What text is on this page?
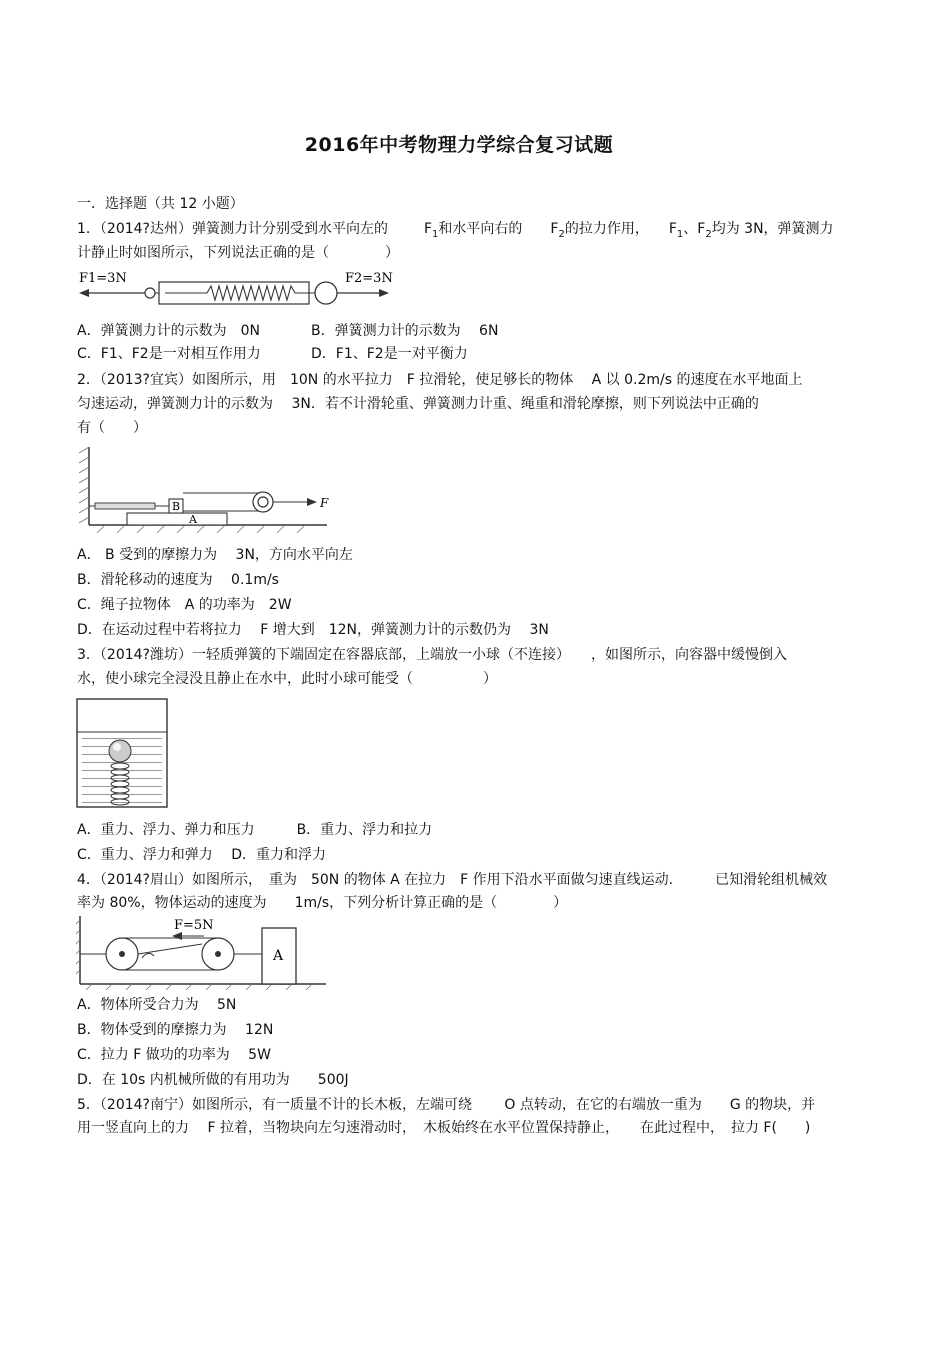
2016年中考物理力学综合复习试题
一．选择题（共 12 小题）
1．（2014?达州）弹簧测力计分别受到水平向左的	$F_1$和水平向右的 $F_2$的拉力作用， $F_1$、$F_2$均为 3N，弹簧测力
计静止时如图所示，下列说法正确的是（　　　　）
F1=3N	F2=3N
A．弹簧测力计的示数为　0N	B．弹簧测力计的示数为　 6N
C．F1、F2是一对相互作用力	D．F1、F2是一对平衡力
2．（2013?宜宾）如图所示，用　10N 的水平拉力　F 拉滑轮，使足够长的物体　 A 以 0.2m/s 的速度在水平地面上
匀速运动，弹簧测力计的示数为　 3N．若不计滑轮重、弹簧测力计重、绳重和滑轮摩擦，则下列说法中正确的
有（　　）
A
B	F
A． B 受到的摩擦力为　 3N，方向水平向左
B．滑轮移动的速度为　 0.1m/s
C．绳子拉物体　A 的功率为　2W
D．在运动过程中若将拉力　 F 增大到　12N，弹簧测力计的示数仍为　 3N
3．（2014?潍坊）一轻质弹簧的下端固定在容器底部，上端放一小球（不连接）　　，如图所示，向容器中缓慢倒入
水，使小球完全浸没且静止在水中，此时小球可能受（　　　　　）
A．重力、浮力、弹力和压力　　　B．重力、浮力和拉力
C．重力、浮力和弹力　 D．重力和浮力
4．（2014?眉山）如图所示，　重为　50N 的物体 A 在拉力　F 作用下沿水平面做匀速直线运动.　　　已知滑轮组机械效
率为 80%，物体运动的速度为　　1m/s，下列分析计算正确的是（　　　　）
F=5N
A
A．物体所受合力为　 5N
B．物体受到的摩擦力为　 12N
C．拉力 F 做功的功率为　 5W
D．在 10s 内机械所做的有用功为　　500J
5．（2014?南宁）如图所示，有一质量不计的长木板，左端可绕　　 O 点转动，在它的右端放一重为　　G 的物块，并
用一竖直向上的力　 F 拉着，当物块向左匀速滑动时，　木板始终在水平位置保持静止，　　在此过程中，　拉力 F(　　)
